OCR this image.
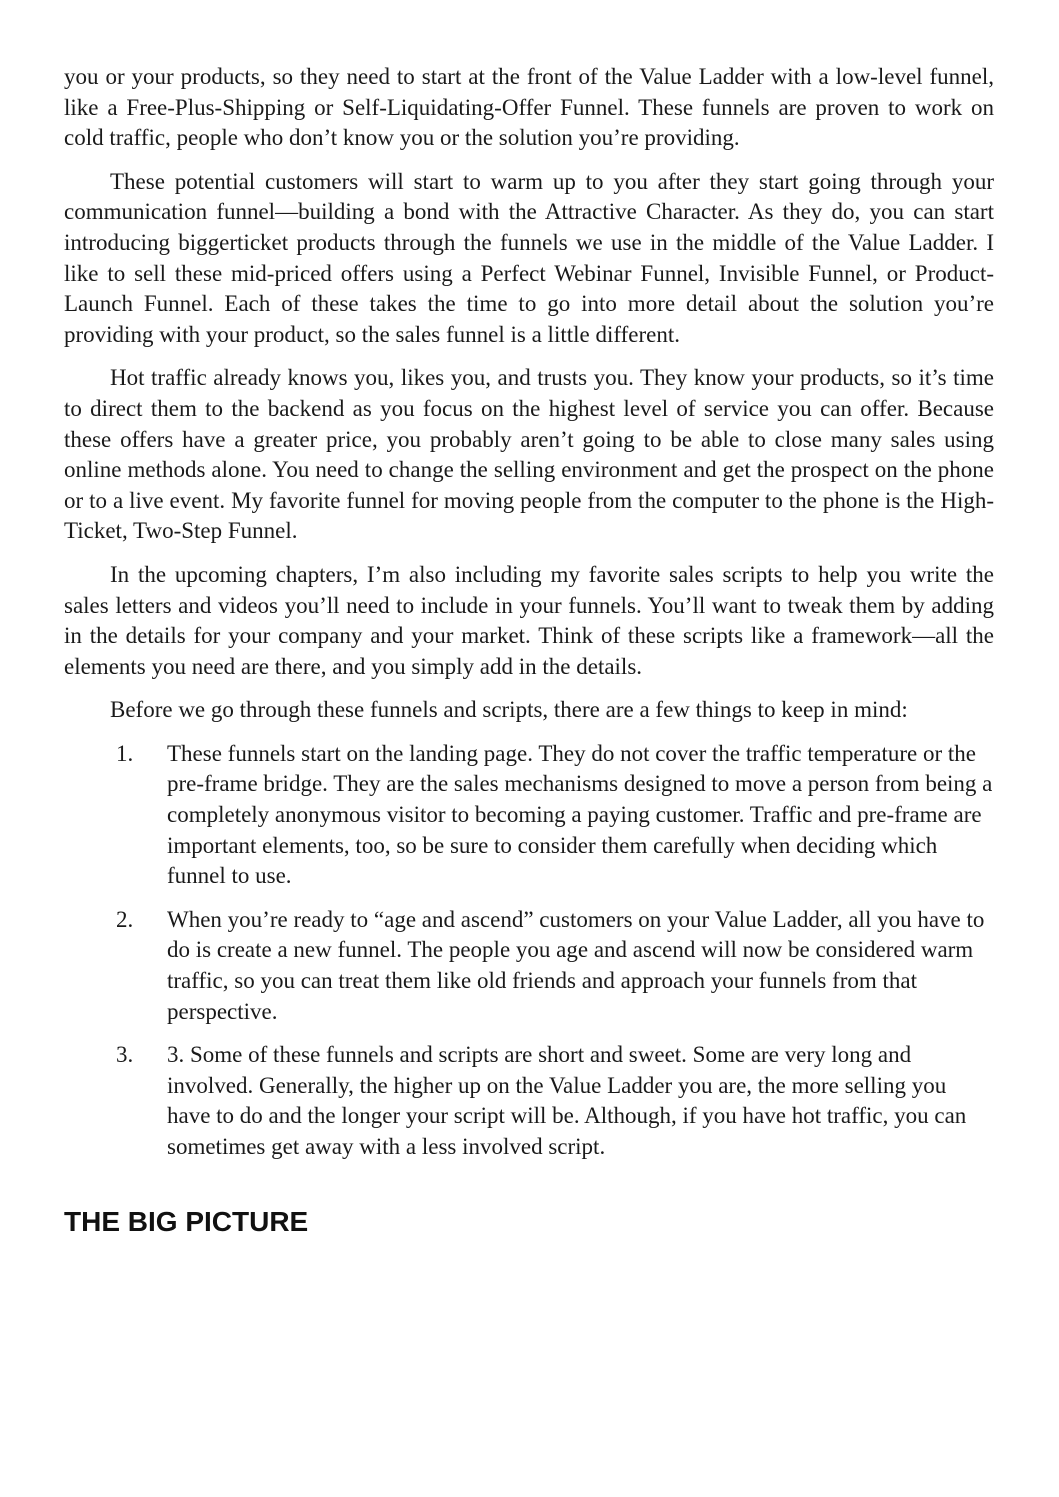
you or your products, so they need to start at the front of the Value Ladder with a low-level funnel, like a Free-Plus-Shipping or Self-Liquidating-Offer Funnel. These funnels are proven to work on cold traffic, people who don’t know you or the solution you’re providing.

These potential customers will start to warm up to you after they start going through your communication funnel—building a bond with the Attractive Character. As they do, you can start introducing biggerticket products through the funnels we use in the middle of the Value Ladder. I like to sell these mid-priced offers using a Perfect Webinar Funnel, Invisible Funnel, or Product-Launch Funnel. Each of these takes the time to go into more detail about the solution you’re providing with your product, so the sales funnel is a little different.

Hot traffic already knows you, likes you, and trusts you. They know your products, so it’s time to direct them to the backend as you focus on the highest level of service you can offer. Because these offers have a greater price, you probably aren’t going to be able to close many sales using online methods alone. You need to change the selling environment and get the prospect on the phone or to a live event. My favorite funnel for moving people from the computer to the phone is the High-Ticket, Two-Step Funnel.

In the upcoming chapters, I’m also including my favorite sales scripts to help you write the sales letters and videos you’ll need to include in your funnels. You’ll want to tweak them by adding in the details for your company and your market. Think of these scripts like a framework—all the elements you need are there, and you simply add in the details.

Before we go through these funnels and scripts, there are a few things to keep in mind:

1. These funnels start on the landing page. They do not cover the traffic temperature or the pre-frame bridge. They are the sales mechanisms designed to move a person from being a completely anonymous visitor to becoming a paying customer. Traffic and pre-frame are important elements, too, so be sure to consider them carefully when deciding which funnel to use.
2. When you’re ready to “age and ascend” customers on your Value Ladder, all you have to do is create a new funnel. The people you age and ascend will now be considered warm traffic, so you can treat them like old friends and approach your funnels from that perspective.
3. 3. Some of these funnels and scripts are short and sweet. Some are very long and involved. Generally, the higher up on the Value Ladder you are, the more selling you have to do and the longer your script will be. Although, if you have hot traffic, you can sometimes get away with a less involved script.
THE BIG PICTURE
